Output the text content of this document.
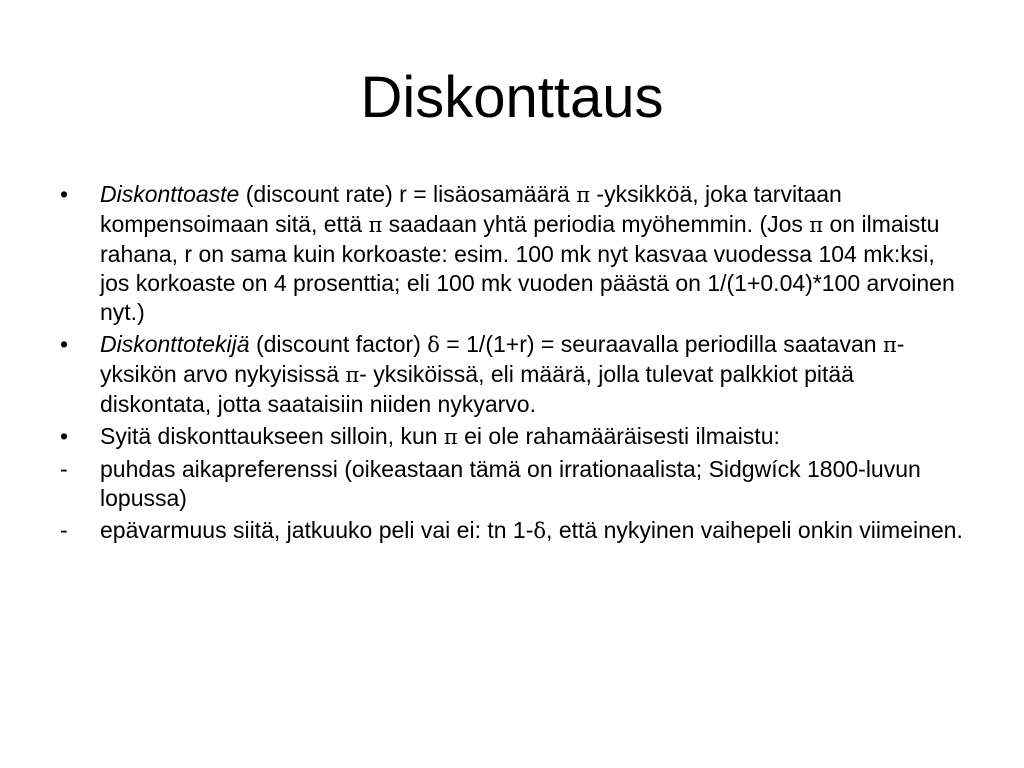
Diskonttaus

•	Diskonttoaste (discount rate) r = lisäosamäärä π -yksikköä, joka tarvitaan kompensoimaan sitä, että π saadaan yhtä periodia myöhemmin. (Jos π on ilmaistu rahana, r on sama kuin korkoaste: esim. 100 mk nyt kasvaa vuodessa 104 mk:ksi, jos korkoaste on 4 prosenttia; eli 100 mk vuoden päästä on 1/(1+0.04)*100 arvoinen nyt.)

•	Diskonttotekijä (discount factor) δ = 1/(1+r) = seuraavalla periodilla saatavan π- yksikön arvo nykyisissä π- yksiköissä, eli määrä, jolla tulevat palkkiot pitää diskontata, jotta saataisiin niiden nykyarvo.

•	Syitä diskonttaukseen silloin, kun π ei ole rahamääräisesti ilmaistu:

- puhdas aikapreferenssi (oikeastaan tämä on irrationaalista; Sidgwíck 1800-luvun lopussa)

- epävarmuus siitä, jatkuuko peli vai ei: tn 1-δ, että nykyinen vaihepeli onkin viimeinen.
